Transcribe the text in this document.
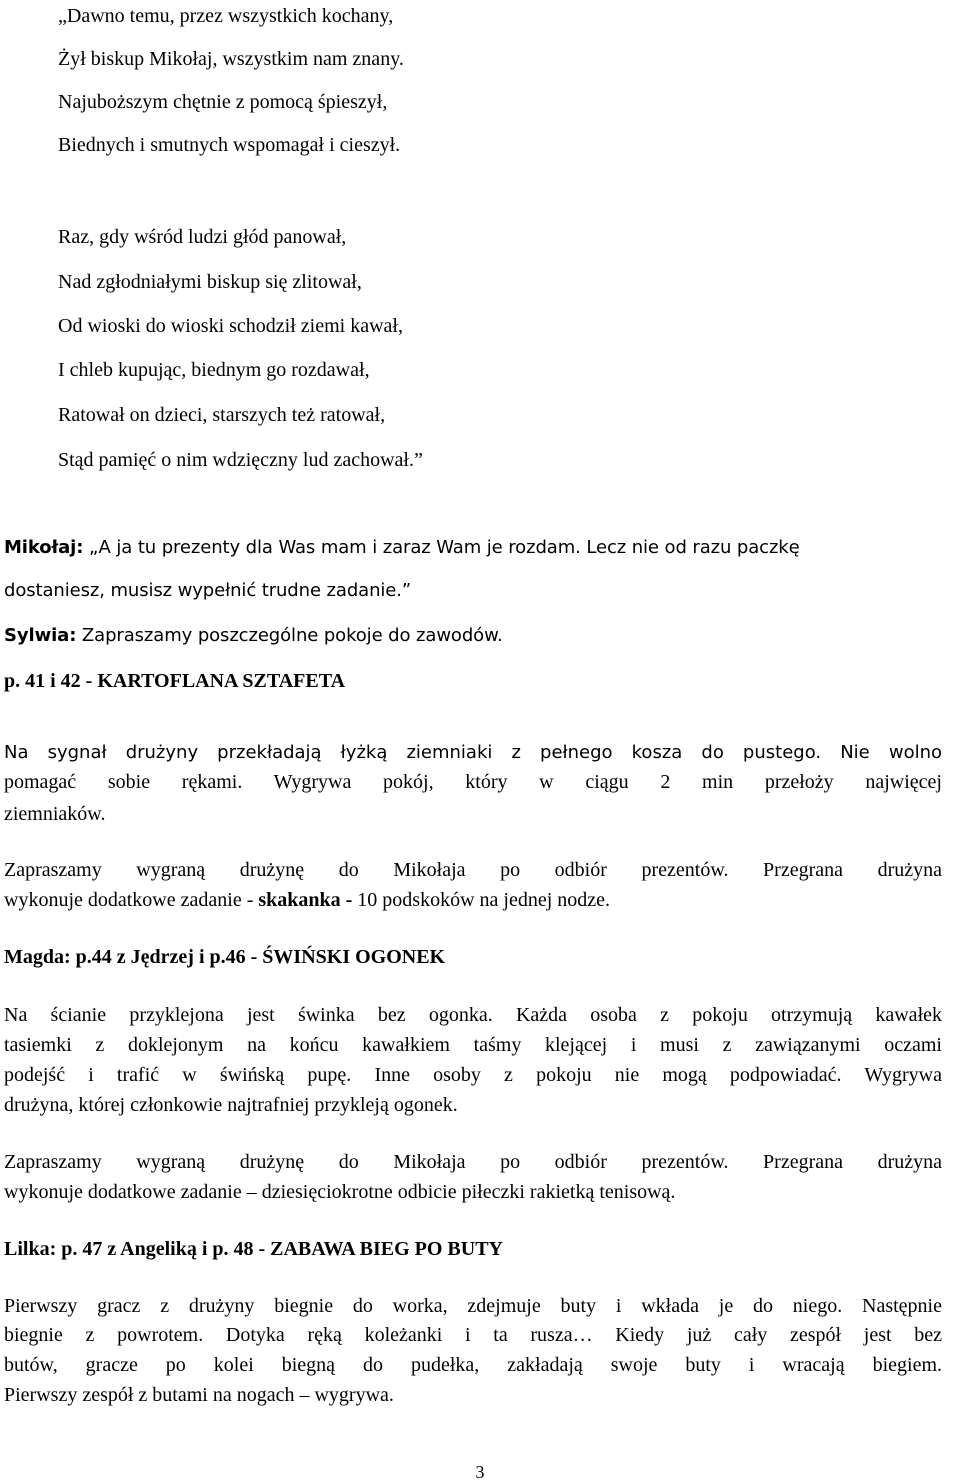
„Dawno temu, przez wszystkich kochany,

Żył biskup Mikołaj, wszystkim nam znany.

Najuboższym chętnie z pomocą śpieszył,

Biednych i smutnych wspomagał i cieszył.

Raz, gdy wśród ludzi głód panował,

Nad zgłodniałymi biskup się zlitował,

Od wioski do wioski schodził ziemi kawał,

I chleb kupując, biednym go rozdawał,

Ratował on dzieci, starszych też ratował,

Stąd pamięć o nim wdzięczny lud zachował.”

Mikołaj: „A ja tu prezenty dla Was mam i zaraz Wam je rozdam. Lecz nie od razu paczkę

dostaniesz, musisz wypełnić trudne zadanie.”

Sylwia: Zapraszamy poszczególne pokoje do zawodów.

p. 41 i 42 - KARTOFLANA SZTAFETA

Na sygnał drużyny przekładają łyżką ziemniaki z pełnego kosza do pustego. Nie wolno

pomagać sobie rękami. Wygrywa pokój, który w ciągu 2 min przełoży najwięcej

ziemniaków.

Zapraszamy wygraną drużynę do Mikołaja po odbiór prezentów. Przegrana drużyna

wykonuje dodatkowe zadanie - skakanka - 10 podskoków na jednej nodze.

Magda: p.44 z Jędrzej i p.46 - ŚWIŃSKI OGONEK

Na ścianie przyklejona jest świnka bez ogonka. Każda osoba z pokoju otrzymują kawałek

tasiemki z doklejonym na końcu kawałkiem taśmy klejącej i musi z zawiązanymi oczami

podejść i trafić w świńską pupę. Inne osoby z pokoju nie mogą podpowiadać. Wygrywa

drużyna, której członkowie najtrafniej przykleją ogonek.

Zapraszamy wygraną drużynę do Mikołaja po odbiór prezentów. Przegrana drużyna

wykonuje dodatkowe zadanie – dziesięciokrotne odbicie piłeczki rakietką tenisową.

Lilka: p. 47 z Angeliką i p. 48 - ZABAWA BIEG PO BUTY

Pierwszy gracz z drużyny biegnie do worka, zdejmuje buty i wkłada je do niego. Następnie

biegnie z powrotem. Dotyka ręką koleżanki i ta rusza… Kiedy już cały zespół jest bez

butów, gracze po kolei biegną do pudełka, zakładają swoje buty i wracają biegiem.

Pierwszy zespół z butami na nogach – wygrywa.

3
